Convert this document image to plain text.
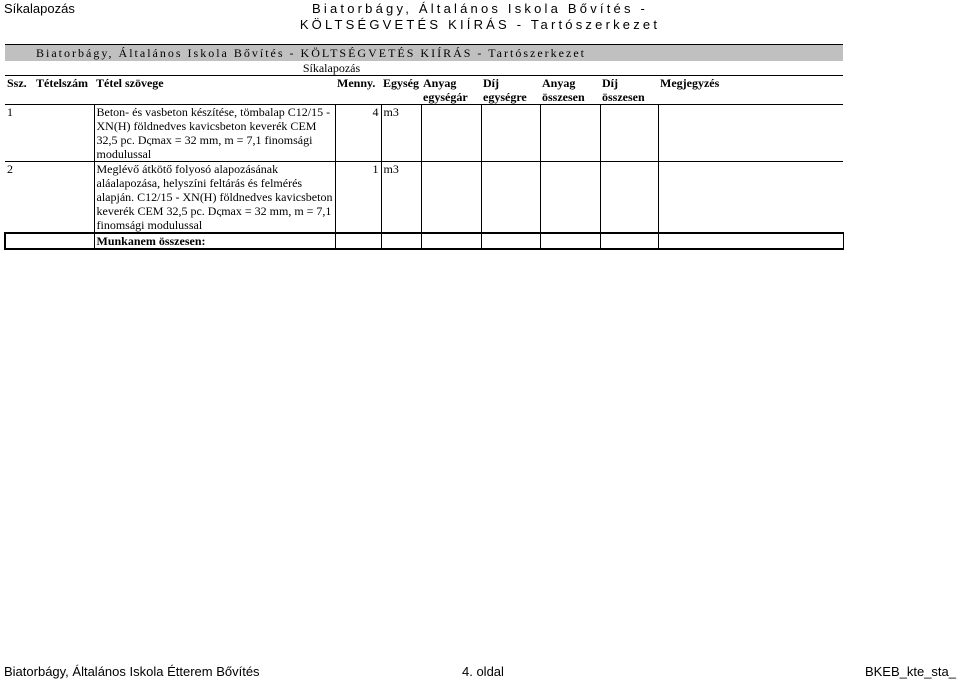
Síkalapozás	Biatorbágy, Általános Iskola Bővítés -
KÖLTSÉGVETÉS KIÍRÁS - Tartószerkezet
	Biatorbágy, Általános Iskola Bővítés - KÖLTSÉGVETÉS KIÍRÁS - Tartószerkezet								
Síkalapozás									
Ssz.	Tételszám	Tétel szövege	Menny.	Egység	Anyag egységár	Díj egységre	Anyag összesen	Díj összesen	Megjegyzés
1		Beton- és vasbeton készítése, tömbalap C12/15 - XN(H) földnedves kavicsbeton keverék CEM 32,5 pc. Dςmax = 32 mm, m = 7,1 finomsági modulussal	4	m3					
2		Meglévő átkötő folyosó alapozásának aláalapozása, helyszíni feltárás és felmérés alapján. C12/15 - XN(H) földnedves kavicsbeton keverék CEM 32,5 pc. Dςmax = 32 mm, m = 7,1 finomsági modulussal	1	m3					
		Munkanem összesen:							
Biatorbágy, Általános Iskola Étterem Bővítés	4. oldal	BKEB_kte_sta_
